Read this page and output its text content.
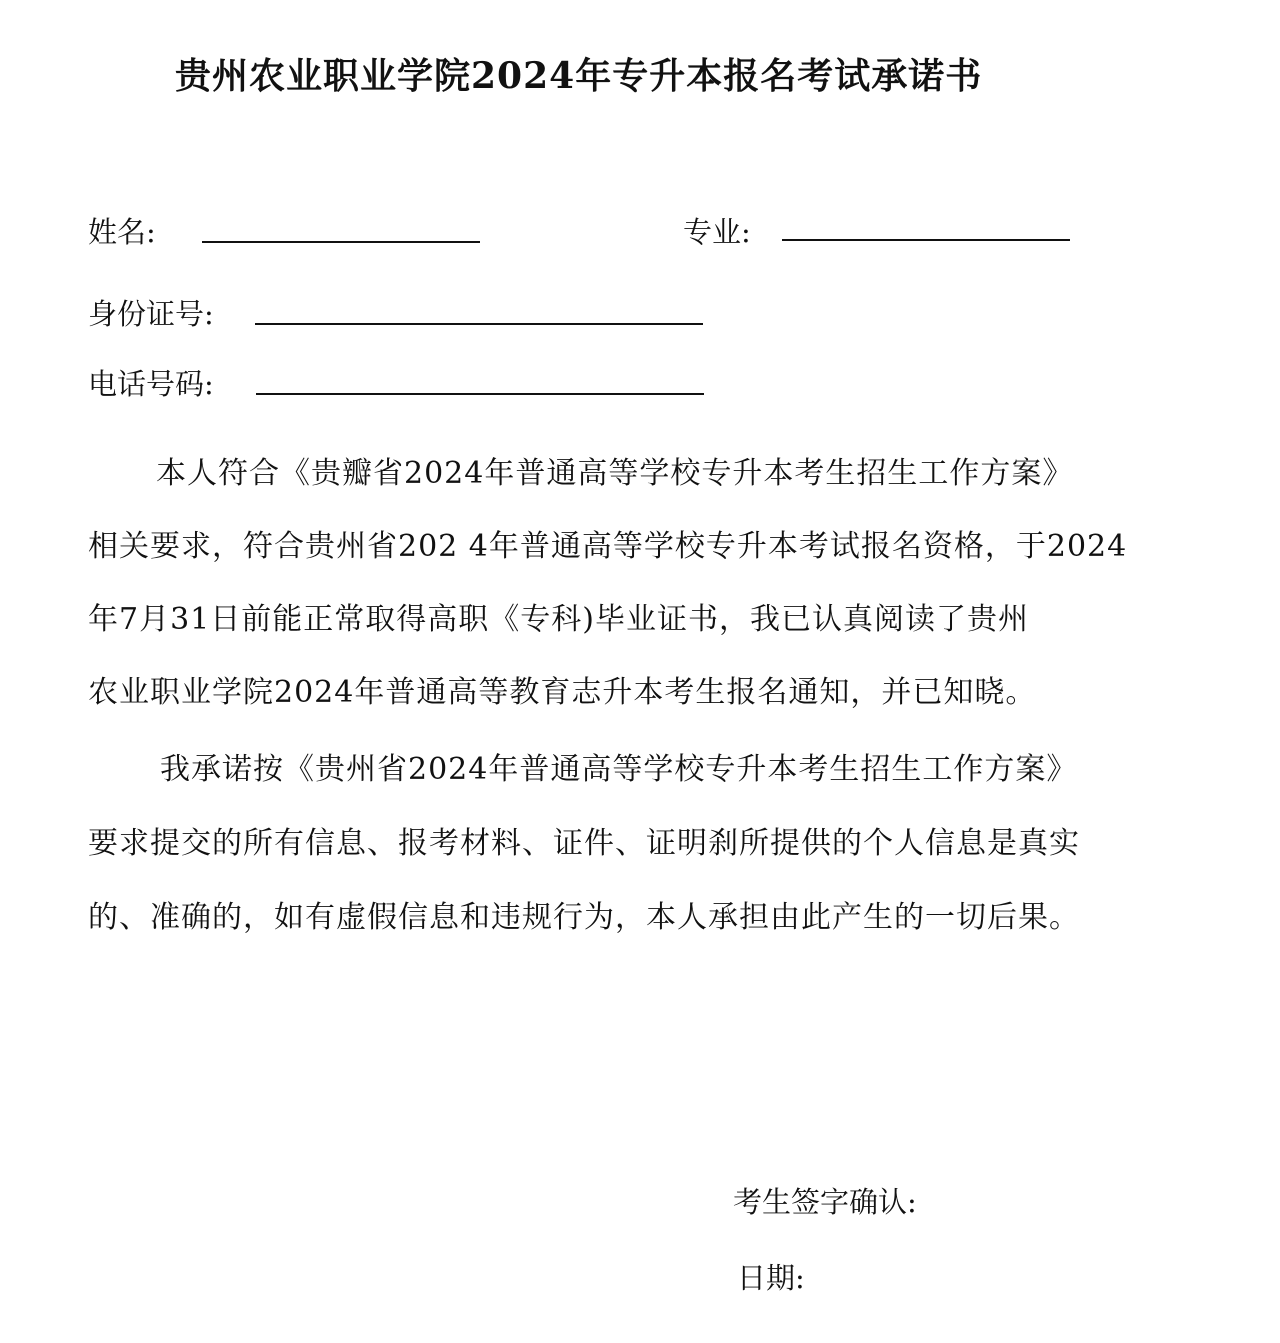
贵州农业职业学院2024年专升本报名考试承诺书
姓名:	专业:
身份证号:
电话号码:
本人符合《贵瓣省2024年普通高等学校专升本考生招生工作方案》
相关要求，符合贵州省202 4年普通高等学校专升本考试报名资格，于2024
年7月31日前能正常取得高职《专科)毕业证书，我已认真阅读了贵州
农业职业学院2024年普通高等教育志升本考生报名通知，并已知晓。
我承诺按《贵州省2024年普通高等学校专升本考生招生工作方案》
要求提交的所有信息、报考材料、证件、证明刹所提供的个人信息是真实
的、准确的，如有虚假信息和违规行为，本人承担由此产生的一切后果。
考生签字确认:
日期:
